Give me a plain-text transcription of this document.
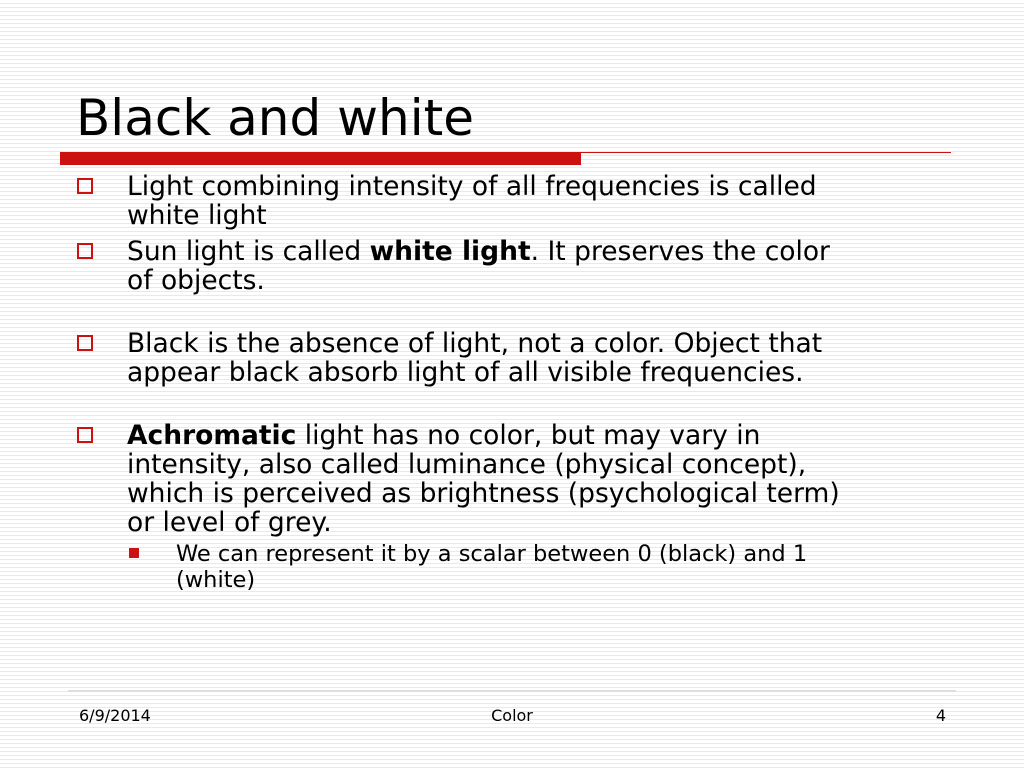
Black and white
Light combining intensity of all frequencies is called
white light
Sun light is called white light. It preserves the color
of objects.
Black is the absence of light, not a color. Object that
appear black absorb light of all visible frequencies.
Achromatic light has no color, but may vary in
intensity, also called luminance (physical concept),
which is perceived as brightness (psychological term)
or level of grey.
We can represent it by a scalar between 0 (black) and 1
(white)
6/9/2014	Color	4
